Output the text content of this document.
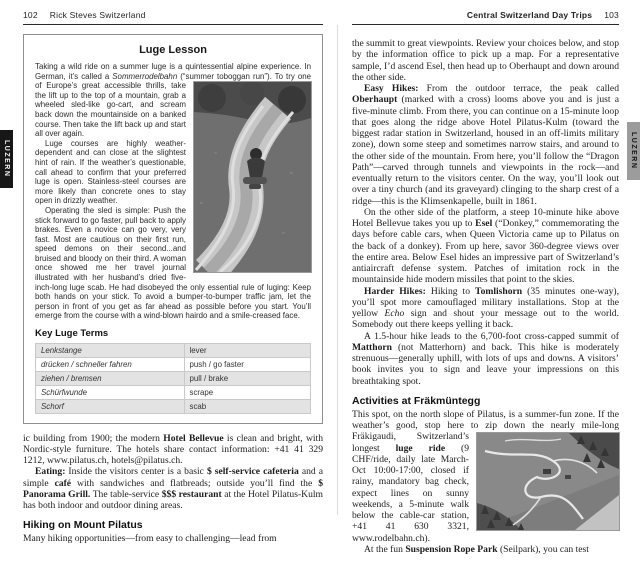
102 Rick Steves Switzerland
Luge Lesson

Taking a wild ride on a summer luge is a quintessential alpine experience. In German, it’s called a Sommerrodelbahn (“summer toboggan run”). To try one of Europe’s
great accessible thrills, take the lift up to the top of a mountain, grab a wheeled sled-like go-cart, and scream back down the mountainside on a banked course. Then take the lift back up and start all over again.

Luge courses are highly weather-dependent and can close at the slightest hint of rain. If the weather’s questionable, call ahead to confirm that your preferred luge is open. Stainless-steel courses are more likely than concrete ones to stay open in drizzly weather.

Operating the sled is simple: Push the stick forward to go faster, pull back to apply brakes. Even a novice can go very, very fast. Most are cautious on their first run, speed demons on their second...and bruised and bloody on their third. A woman once showed me her travel journal illustrated with her husband’s dried five-inch-long luge scab. He had disobeyed the only essential rule of luging: Keep both hands on your stick. To avoid a bumper-to-bumper traffic jam, let the person in front of you get as far ahead as possible before you start. You’ll emerge from the course with a wind-blown hairdo and a smile-creased face.

Key Luge Terms
Lenkstange	lever
drücken / schneller fahren	push / go faster
ziehen / bremsen	pull / brake
Schürfwunde	scrape
Schorf	scab

ic building from 1900; the modern Hotel Bellevue is clean and bright, with Nordic-style furniture. The hotels share contact information: +41 41 329 1212, www.pilatus.ch, hotels@pilatus.ch.

Eating: Inside the visitors center is a basic $ self-service cafeteria and a simple café with sandwiches and flatbreads; outside you’ll find the $ Panorama Grill. The table-service $$$ restaurant at the Hotel Pilatus-Kulm has both indoor and outdoor dining areas.

Hiking on Mount Pilatus

Many hiking opportunities—from easy to challenging—lead from

Central Switzerland Day Trips 103

the summit to great viewpoints. Review your choices below, and stop by the information office to pick up a map. For a representative sample, I’d ascend Esel, then head up to Oberhaupt and down around the other side.

Easy Hikes: From the outdoor terrace, the peak called Oberhaupt (marked with a cross) looms above you and is just a five-minute climb. From there, you can continue on a 15-minute loop that goes along the ridge above Hotel Pilatus-Kulm (toward the biggest radar station in Switzerland, housed in an off-limits military zone), down some steep and sometimes narrow stairs, and around to the other side of the mountain. From here, you’ll follow the “Dragon Path”—carved through tunnels and viewpoints in the rock—and eventually return to the visitors center. On the way, you’ll look out over a tiny church (and its graveyard) clinging to the sharp crest of a ridge—this is the Klimsenkapelle, built in 1861.

On the other side of the platform, a steep 10-minute hike above Hotel Bellevue takes you up to Esel (“Donkey,” commemorating the days before cable cars, when Queen Victoria came up to Pilatus on the back of a donkey). From up here, savor 360-degree views over the entire area. Below Esel hides an impressive part of Switzerland’s antiaircraft defense system. Patches of imitation rock in the mountainside hide modern missiles that point to the skies.

Harder Hikes: Hiking to Tomlishorn (35 minutes one-way), you’ll spot more camouflaged military installations. Stop at the yellow Echo sign and shout your message out to the world. Somebody out there keeps yelling it back.

A 1.5-hour hike leads to the 6,700-foot cross-capped summit of Matthorn (not Matterhorn) and back. This hike is moderately strenuous—generally uphill, with lots of ups and downs. A visitors’ book invites you to sign and leave your impressions on this breathtaking spot.

Activities at Fräkmüntegg

This spot, on the north slope of Pilatus, is a summer-fun zone. If the weather’s good, stop here to zip down the nearly mile-long
Fräkigaudi, Switzerland’s longest luge ride (9 CHF/ride, daily late March-Oct 10:00-17:00, closed if rainy, mandatory bag check, expect lines on sunny weekends, a 5-minute walk below the cable-car station, +41 41 630 3321, www.rodelbahn.ch).

At the fun Suspension Rope Park (Seilpark), you can test

LUZERN	LUZERN
